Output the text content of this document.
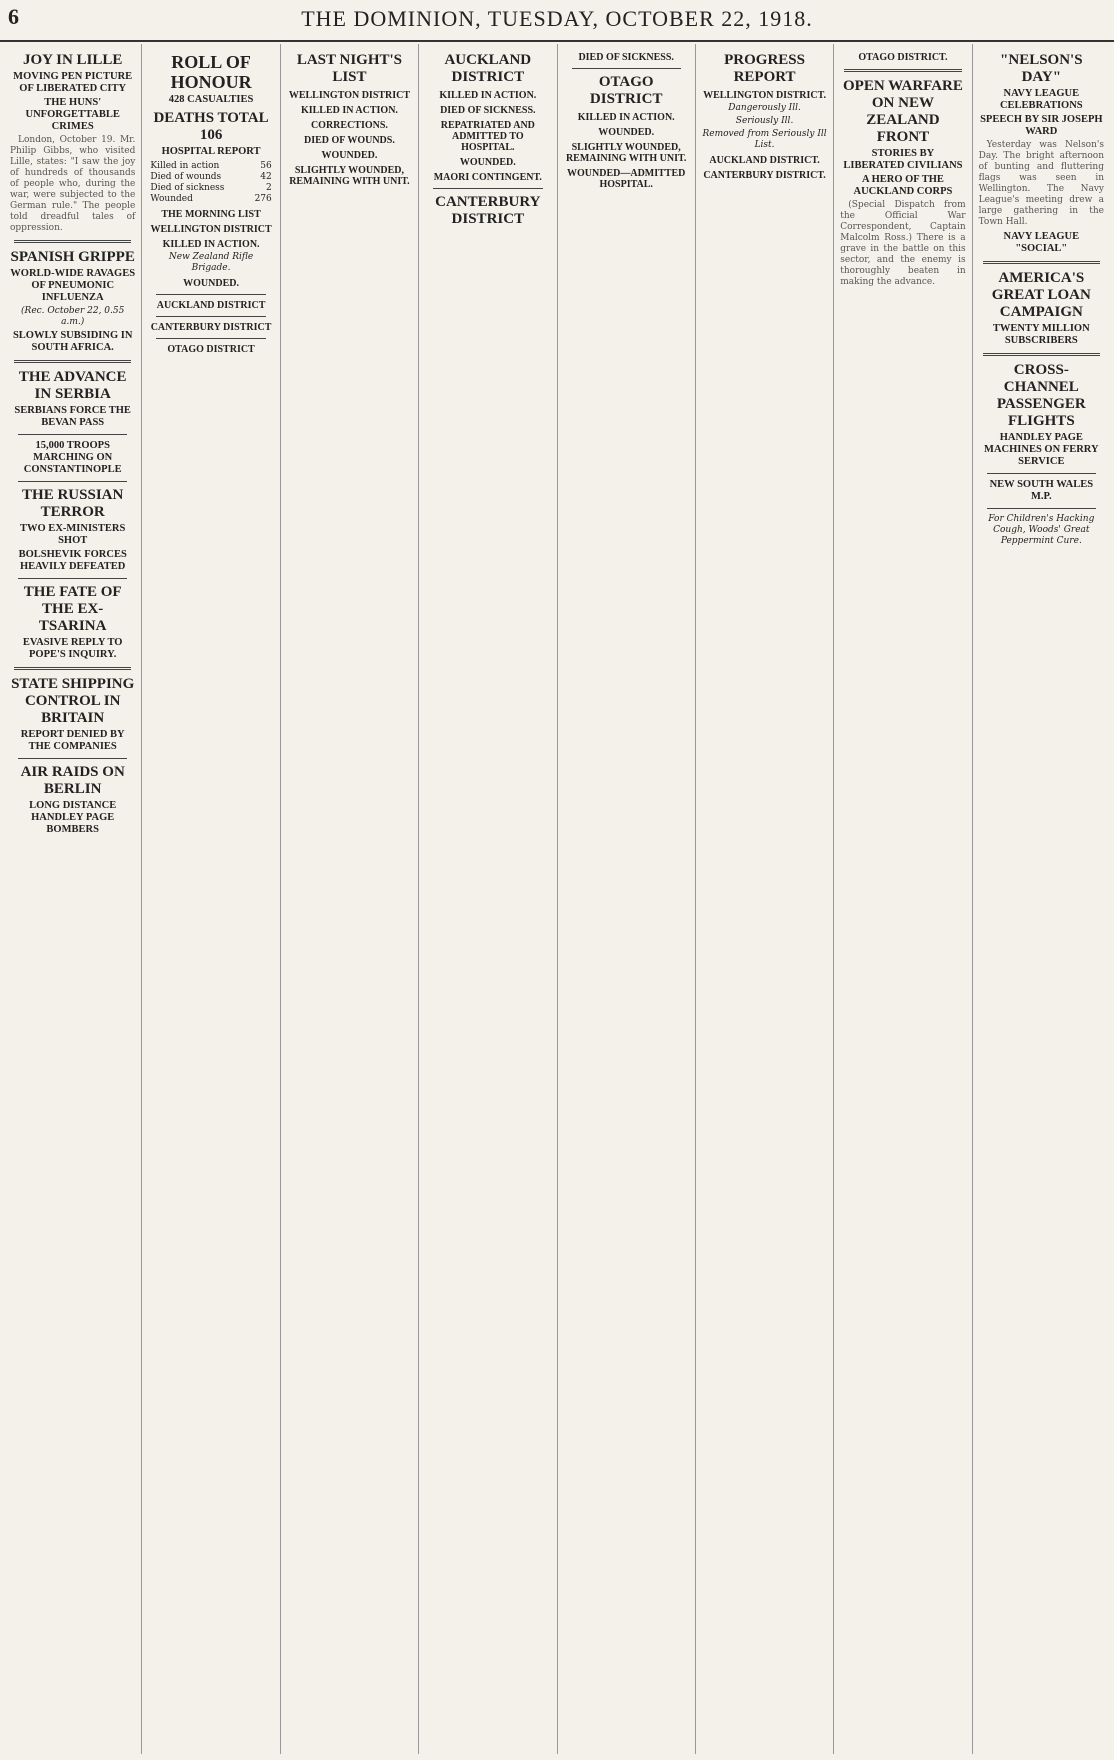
6	THE DOMINION, TUESDAY, OCTOBER 22, 1918.
JOY IN LILLE
MOVING PEN PICTURE OF LIBERATED CITY
THE HUNS' UNFORGETTABLE CRIMES

London, October 19. Mr. Philip Gibbs, who visited Lille, states: "I saw the joy of hundreds of thousands of people who, during the war, were subjected to the German rule." The people told dreadful tales of oppression.

SPANISH GRIPPE
WORLD-WIDE RAVAGES OF PNEUMONIC INFLUENZA
(Rec. October 22, 0.55 a.m.)
SLOWLY SUBSIDING IN SOUTH AFRICA.
THE ADVANCE IN SERBIA
SERBIANS FORCE THE BEVAN PASS
15,000 TROOPS MARCHING ON CONSTANTINOPLE
THE RUSSIAN TERROR
TWO EX-MINISTERS SHOT
BOLSHEVIK FORCES HEAVILY DEFEATED
THE FATE OF THE EX-TSARINA
EVASIVE REPLY TO POPE'S INQUIRY.
STATE SHIPPING CONTROL IN BRITAIN
REPORT DENIED BY THE COMPANIES
AIR RAIDS ON BERLIN
LONG DISTANCE HANDLEY PAGE BOMBERS
ROLL OF HONOUR
428 CASUALTIES
DEATHS TOTAL 106
HOSPITAL REPORT
Killed in action	56
Died of wounds	42
Died of sickness	2
Wounded	276
THE MORNING LIST
WELLINGTON DISTRICT
KILLED IN ACTION.
New Zealand Rifle Brigade.
WOUNDED.
AUCKLAND DISTRICT
CANTERBURY DISTRICT
OTAGO DISTRICT
LAST NIGHT'S LIST
WELLINGTON DISTRICT
KILLED IN ACTION.
CORRECTIONS.
DIED OF WOUNDS.
WOUNDED.
SLIGHTLY WOUNDED, REMAINING WITH UNIT.
AUCKLAND DISTRICT
KILLED IN ACTION.
DIED OF SICKNESS.
REPATRIATED AND ADMITTED TO HOSPITAL.
WOUNDED.
MAORI CONTINGENT.
CANTERBURY DISTRICT
DIED OF SICKNESS.
OTAGO DISTRICT
KILLED IN ACTION.
WOUNDED.
SLIGHTLY WOUNDED, REMAINING WITH UNIT.
WOUNDED—ADMITTED HOSPITAL.
PROGRESS REPORT
WELLINGTON DISTRICT.
Dangerously Ill.
Seriously Ill.
Removed from Seriously Ill List.
AUCKLAND DISTRICT.
CANTERBURY DISTRICT.
OTAGO DISTRICT.
OPEN WARFARE ON NEW ZEALAND FRONT
STORIES BY LIBERATED CIVILIANS
A HERO OF THE AUCKLAND CORPS

(Special Dispatch from the Official War Correspondent, Captain Malcolm Ross.) There is a grave in the battle on this sector, and the enemy is thoroughly beaten in making the advance.

"NELSON'S DAY"
NAVY LEAGUE CELEBRATIONS
SPEECH BY SIR JOSEPH WARD

Yesterday was Nelson's Day. The bright afternoon of bunting and fluttering flags was seen in Wellington. The Navy League's meeting drew a large gathering in the Town Hall.

NAVY LEAGUE "SOCIAL"
AMERICA'S GREAT LOAN CAMPAIGN
TWENTY MILLION SUBSCRIBERS
CROSS-CHANNEL PASSENGER FLIGHTS
HANDLEY PAGE MACHINES ON FERRY SERVICE
NEW SOUTH WALES M.P.
For Children's Hacking Cough, Woods' Great Peppermint Cure.
